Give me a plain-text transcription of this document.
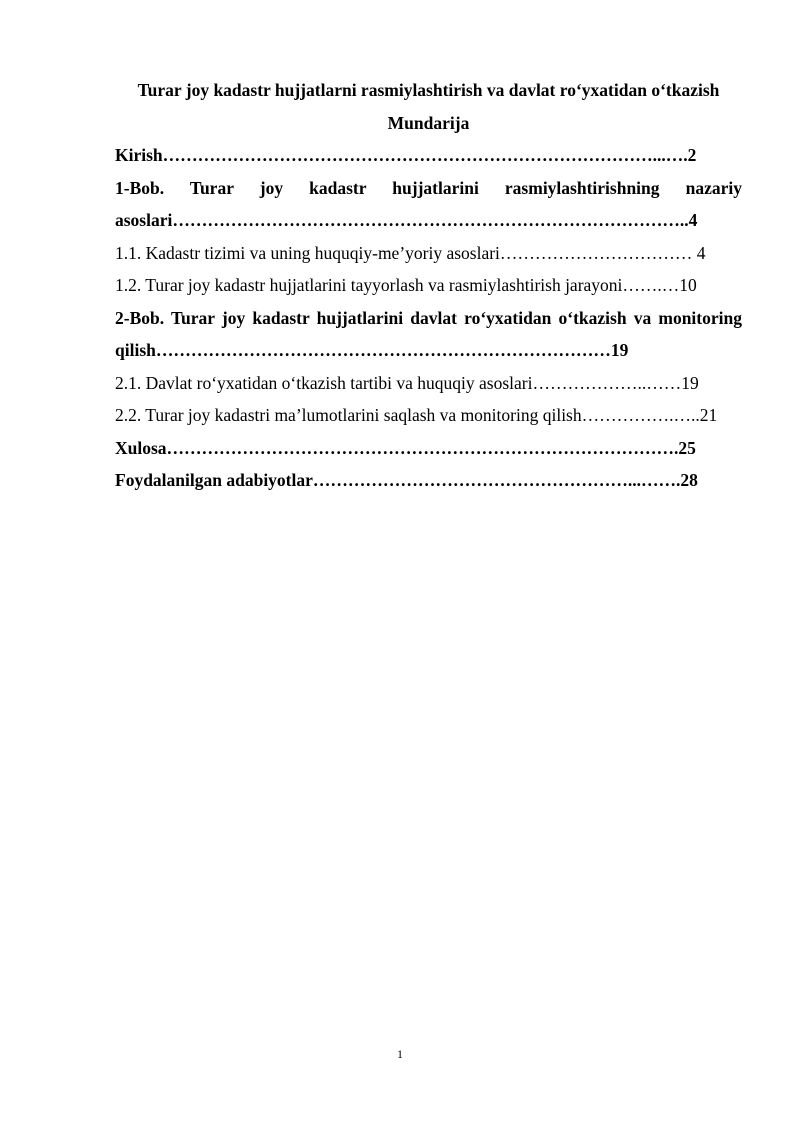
Turar joy kadastr hujjatlarni rasmiylashtirish va davlat ro‘yxatidan o‘tkazish
Mundarija
Kirish…………………………………………………………………………...….2
1-Bob. Turar joy kadastr hujjatlarini rasmiylashtirishning nazariy asoslari……………………………………………………………………………..4
1.1. Kadastr tizimi va uning huquqiy-me’yoriy asoslari…………………………… 4
1.2. Turar joy kadastr hujjatlarini tayyorlash va rasmiylashtirish jarayoni…….…10
2-Bob. Turar joy kadastr hujjatlarini davlat ro‘yxatidan o‘tkazish va monitoring qilish……………………………………………………………………19
2.1. Davlat ro‘yxatidan o‘tkazish tartibi va huquqiy asoslari………………..……19
2.2. Turar joy kadastri ma’lumotlarini saqlash va monitoring qilish…………….…..21
Xulosa…………………………………………………………………………….25
Foydalanilgan adabiyotlar………………………………………………...…….28
1
